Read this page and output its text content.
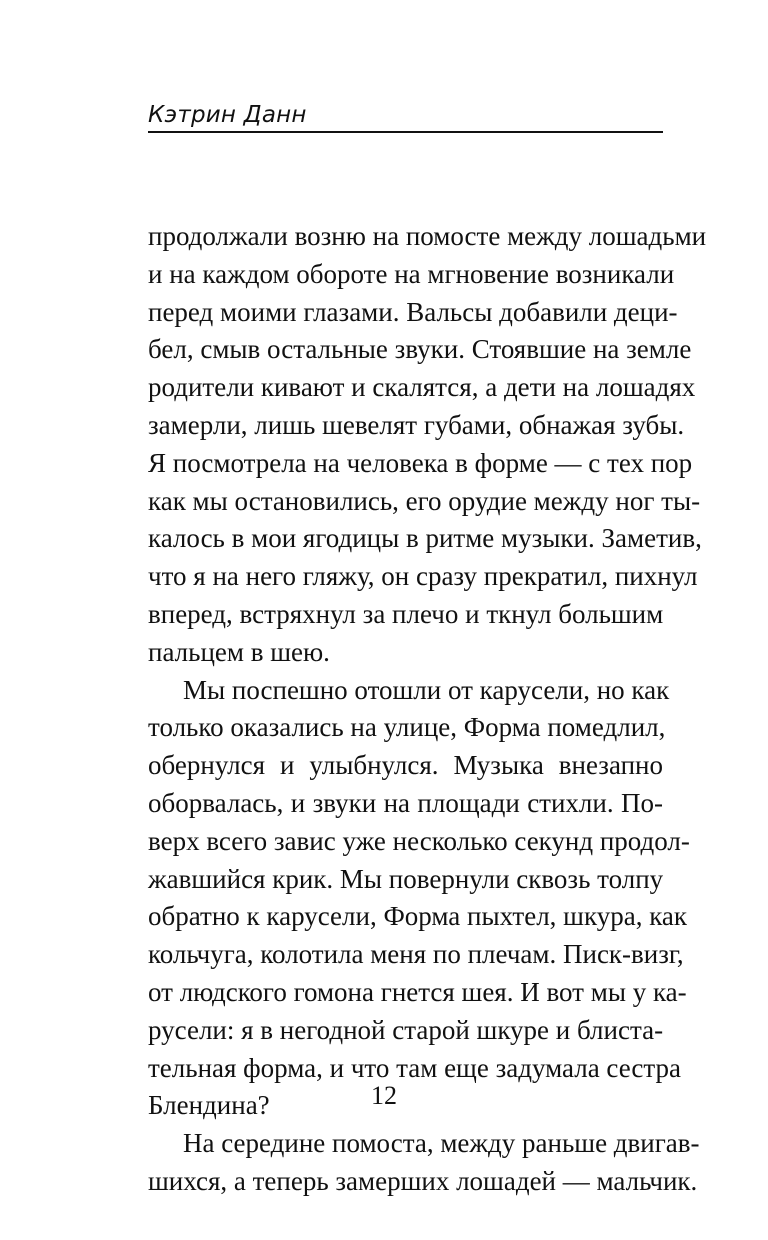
Кэтрин Данн
продолжали возню на помосте между лошадьми
и на каждом обороте на мгновение возникали
перед моими глазами. Вальсы добавили деци-
бел, смыв остальные звуки. Стоявшие на земле
родители кивают и скалятся, а дети на лошадях
замерли, лишь шевелят губами, обнажая зубы.
Я посмотрела на человека в форме — с тех пор
как мы остановились, его орудие между ног ты-
калось в мои ягодицы в ритме музыки. Заметив,
что я на него гляжу, он сразу прекратил, пихнул
вперед, встряхнул за плечо и ткнул большим
пальцем в шею.
Мы поспешно отошли от карусели, но как
только оказались на улице, Форма помедлил,
обернулся и улыбнулся. Музыка внезапно
оборвалась, и звуки на площади стихли. По-
верх всего завис уже несколько секунд продол-
жавшийся крик. Мы повернули сквозь толпу
обратно к карусели, Форма пыхтел, шкура, как
кольчуга, колотила меня по плечам. Писк-визг,
от людского гомона гнется шея. И вот мы у ка-
русели: я в негодной старой шкуре и блиста-
тельная форма, и что там еще задумала сестра
Блендина?
На середине помоста, между раньше двигав-
шихся, а теперь замерших лошадей — мальчик.
12
